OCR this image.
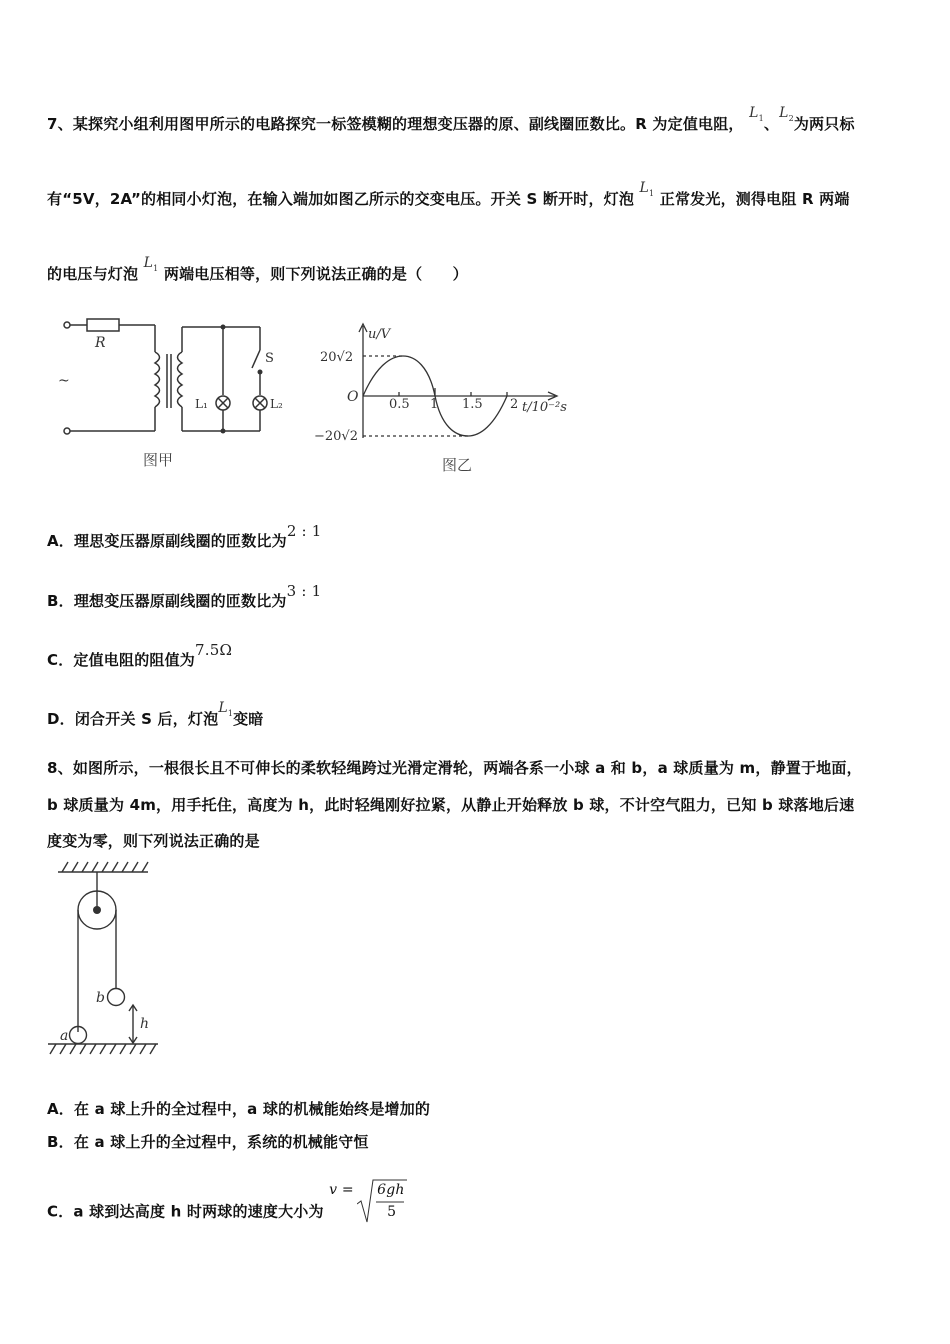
7、某探究小组利用图甲所示的电路探究一标签模糊的理想变压器的原、副线圈匝数比。R 为定值电阻， $L_1$、$L_2$为两只标
有“5V，2A”的相同小灯泡，在输入端加如图乙所示的交变电压。开关 S 断开时，灯泡 $L_1$ 正常发光，测得电阻 R 两端
的电压与灯泡 $L_1$ 两端电压相等，则下列说法正确的是（　　）
R
S
~
L₁	L₂
图甲
u/V
20√2
−20√2
O 0.5 1 1.5 2 t/10⁻²s
图乙
A．理思变压器原副线圈的匝数比为2 : 1
B．理想变压器原副线圈的匝数比为3 : 1
C．定值电阻的阻值为7.5Ω
D．闭合开关 S 后，灯泡$L_1$变暗
8、如图所示，一根很长且不可伸长的柔软轻绳跨过光滑定滑轮，两端各系一小球 a 和 b，a 球质量为 m，静置于地面，
b 球质量为 4m，用手托住，高度为 h，此时轻绳刚好拉紧，从静止开始释放 b 球，不计空气阻力，已知 b 球落地后速
度变为零，则下列说法正确的是
b
a
h
A．在 a 球上升的全过程中，a 球的机械能始终是增加的
B．在 a 球上升的全过程中，系统的机械能守恒
C．a 球到达高度 h 时两球的速度大小为
v = 6gh
5
